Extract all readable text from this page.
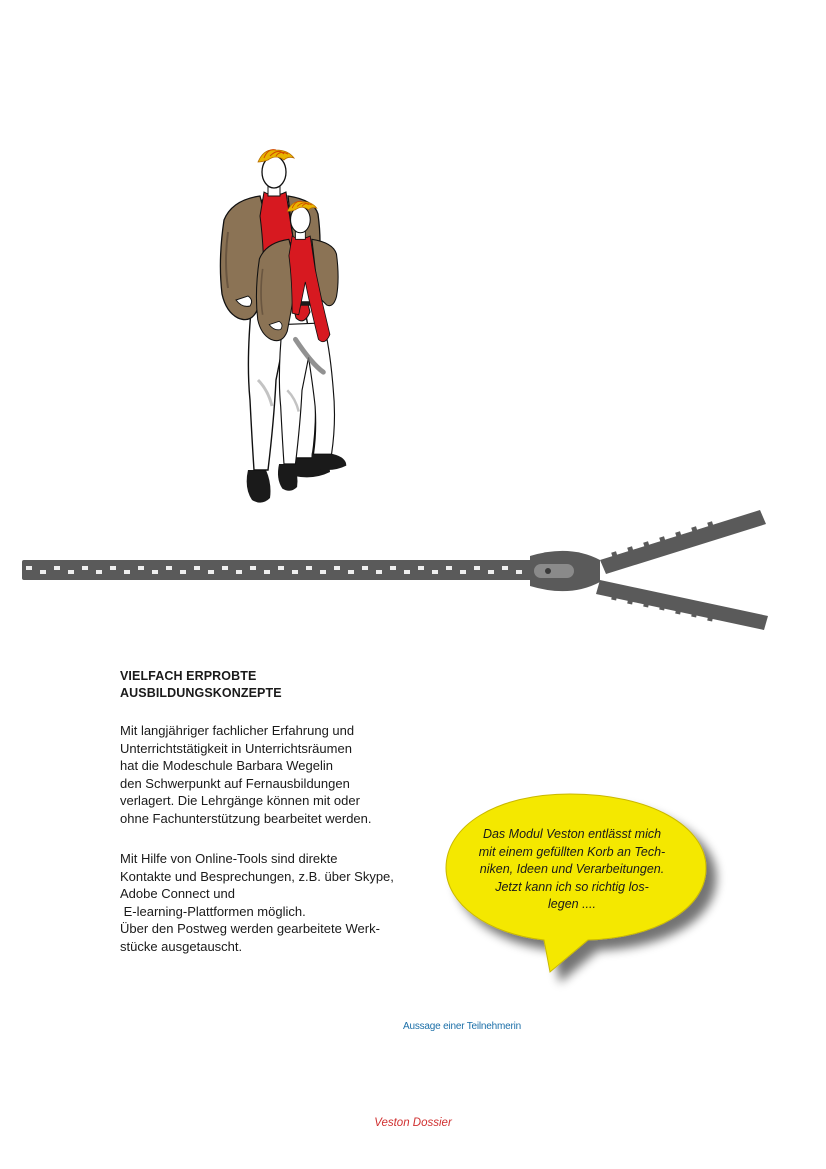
VIELFACH ERPROBTE
AUSBILDUNGSKONZEPTE

Mit langjähriger fachlicher Erfahrung und
Unterrichtstätigkeit in Unterrichtsräumen
hat die Modeschule Barbara Wegelin
den Schwerpunkt auf Fernausbildungen
verlagert. Die Lehrgänge können mit oder
ohne Fachunterstützung bearbeitet werden.

Mit Hilfe von Online-Tools sind direkte
Kontakte und Besprechungen, z.B. über Skype,
Adobe Connect und
E-learning-Plattformen möglich.
Über den Postweg werden gearbeitete Werk-
stücke ausgetauscht.

Das Modul Veston entlässt mich
mit einem gefüllten Korb an Tech-
niken, Ideen und Verarbeitungen.
Jetzt kann ich so richtig los-
legen ....
Aussage einer Teilnehmerin
Veston Dossier
